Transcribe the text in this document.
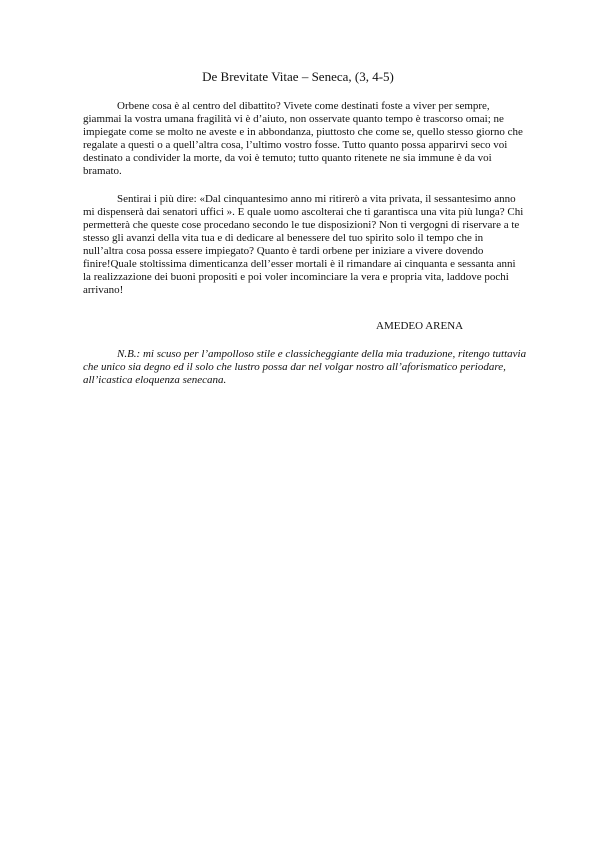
De Brevitate Vitae – Seneca, (3, 4-5)

Orbene cosa è al centro del dibattito? Vivete come destinati foste a viver per sempre,
giammai la vostra umana fragilità vi è d’aiuto, non osservate quanto tempo è trascorso omai; ne
impiegate come se molto ne aveste e in abbondanza, piuttosto che come se, quello stesso giorno che
regalate a questi o a quell’altra cosa, l’ultimo vostro fosse. Tutto quanto possa apparirvi seco voi
destinato a condivider la morte, da voi è temuto; tutto quanto ritenete ne sia immune è da voi
bramato.

Sentirai i più dire: «Dal cinquantesimo anno mi ritirerò a vita privata, il sessantesimo anno
mi dispenserà dai senatori uffici ». E quale uomo ascolterai che ti garantisca una vita più lunga? Chi
permetterà che queste cose procedano secondo le tue disposizioni? Non ti vergogni di riservare a te
stesso gli avanzi della vita tua e di dedicare al benessere del tuo spirito solo il tempo che in
null’altra cosa possa essere impiegato? Quanto è tardi orbene per iniziare a vivere dovendo
finire!Quale stoltissima dimenticanza dell’esser mortali è il rimandare ai cinquanta e sessanta anni
la realizzazione dei buoni propositi e poi voler incominciare la vera e propria vita, laddove pochi
arrivano!

AMEDEO ARENA

N.B.: mi scuso per l’ampolloso stile e classicheggiante della mia traduzione, ritengo tuttavia
che unico sia degno ed il solo che lustro possa dar nel volgar nostro all’aforismatico periodare,
all’icastica eloquenza senecana.
